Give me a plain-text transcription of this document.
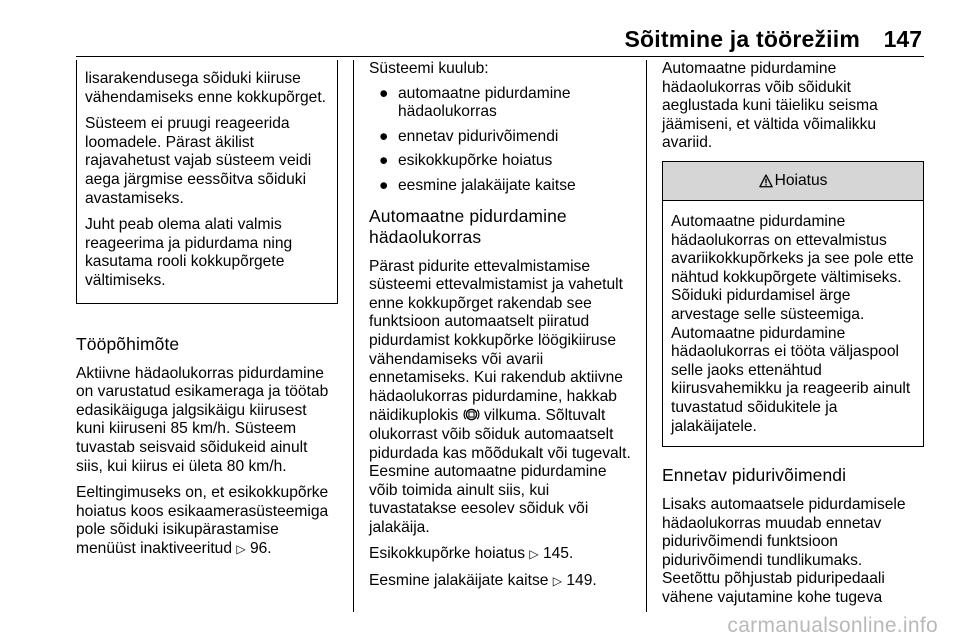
Sõitmine ja töörežiim 147

lisarakendusega sõiduki kiiruse vähendamiseks enne kokkupõrget.

Süsteem ei pruugi reageerida loomadele. Pärast äkilist rajavahetust vajab süsteem veidi aega järgmise eessõitva sõiduki avastamiseks.

Juht peab olema alati valmis reageerima ja pidurdama ning kasutama rooli kokkupõrgete vältimiseks.

Tööpõhimõte

Aktiivne hädaolukorras pidurdamine on varustatud esikameraga ja töötab edasikäiguga jalgsikäigu kiirusest kuni kiiruseni 85 km/h. Süsteem tuvastab seisvaid sõidukeid ainult siis, kui kiirus ei ületa 80 km/h.

Eeltingimuseks on, et esikokkupõrke hoiatus koos esikaamerasüsteemiga pole sõiduki isikupärastamise menüüst inaktiveeritud ▷ 96.

Süsteemi kuulub:

● automaatne pidurdamine hädaolukorras
● ennetav pidurivõimendi
● esikokkupõrke hoiatus
● eesmine jalakäijate kaitse
Automaatne pidurdamine hädaolukorras

Pärast pidurite ettevalmistamise süsteemi ettevalmistamist ja vahetult enne kokkupõrget rakendab see funktsioon automaatselt piiratud pidurdamist kokkupõrke löögikiiruse vähendamiseks või avarii ennetamiseks. Kui rakendub aktiivne hädaolukorras pidurdamine, hakkab näidikuplokis vilkuma. Sõltuvalt olukorrast võib sõiduk automaatselt pidurdada kas mõõdukalt või tugevalt. Eesmine automaatne pidurdamine võib toimida ainult siis, kui tuvastatakse eesolev sõiduk või jalakäija.

Esikokkupõrke hoiatus ▷ 145.

Eesmine jalakäijate kaitse ▷ 149.

Automaatne pidurdamine hädaolukorras võib sõidukit aeglustada kuni täieliku seisma jäämiseni, et vältida võimalikku avariid.

Hoiatus

Automaatne pidurdamine hädaolukorras on ettevalmistus avariikokkupõrkeks ja see pole ette nähtud kokkupõrgete vältimiseks. Sõiduki pidurdamisel ärge arvestage selle süsteemiga. Automaatne pidurdamine hädaolukorras ei tööta väljaspool selle jaoks ettenähtud kiirusvahemikku ja reageerib ainult tuvastatud sõidukitele ja jalakäijatele.

Ennetav pidurivõimendi

Lisaks automaatsele pidurdamisele hädaolukorras muudab ennetav pidurivõimendi funktsioon pidurivõimendi tundlikumaks. Seetõttu põhjustab piduripedaali vähene vajutamine kohe tugeva

carmanualsonline.info
